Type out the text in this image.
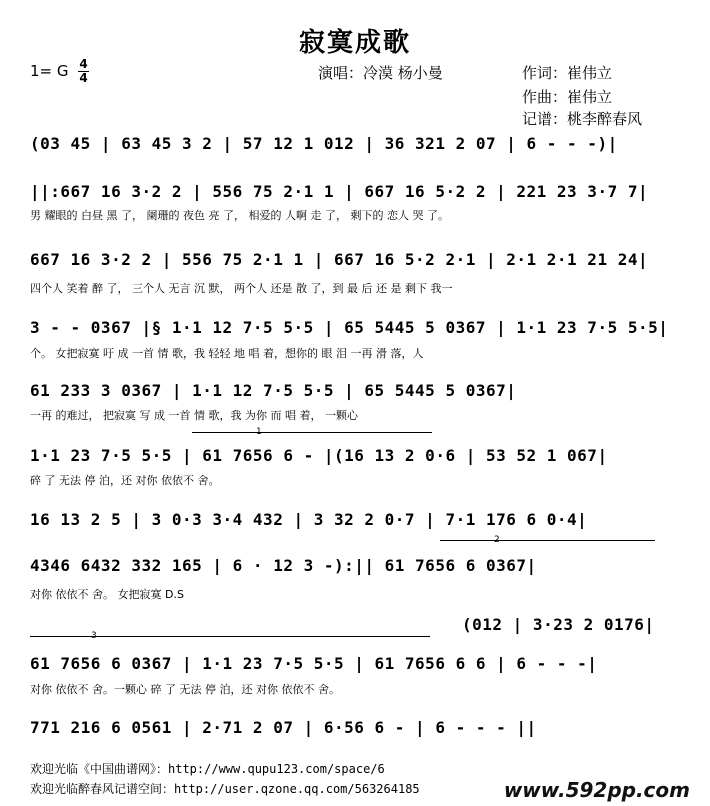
寂寞成歌
1= G 4
4	演唱：冷漠 杨小曼	作词：崔伟立
作曲：崔伟立
记谱：桃李醉春风
(03 45 | 63 45 3 2 | 57 12 1 012 | 36 321 2 07 | 6 - - -)|
||:667 16 3·2 2 | 556 75 2·1 1 | 667 16 5·2 2 | 221 23 3·7 7|
男 耀眼的 白昼 黑 了， 阑珊的 夜色 亮 了， 相爱的 人啊 走 了， 剩下的 恋人 哭 了。
667 16 3·2 2 | 556 75 2·1 1 | 667 16 5·2 2·1 | 2·1 2·1 21 24|
四个人 笑着 醉 了， 三个人 无言 沉 默， 两个人 还是 散 了，到 最 后 还 是 剩下 我一
3 - - 0367 |§ 1·1 12 7·5 5·5 | 65 5445 5 0367 | 1·1 23 7·5 5·5|
个。 女把寂寞 吁 成 一首 情 歌，我 轻轻 地 唱 着，想你的 眼 泪 一再 滑 落，人
61 233 3 0367 | 1·1 12 7·5 5·5 | 65 5445 5 0367|
一再 的难过， 把寂寞 写 成 一首 情 歌，我 为你 而 唱 着， 一颗心
1·1 23 7·5 5·5 | 61 7656 6 - |(16 13 2 0·6 | 53 52 1 067|
碎 了 无法 停 泊，还 对你 依依不 舍。
16 13 2 5 | 3 0·3 3·4 432 | 3 32 2 0·7 | 7·1 176 6 0·4|
4346 6432 332 165 | 6 · 12 3 -):|| 61 7656 6 0367|
对你 依依不 舍。 女把寂寞 D.S
(012 | 3·23 2 0176|
61 7656 6 0367 | 1·1 23 7·5 5·5 | 61 7656 6 6 | 6 - - -|
对你 依依不 舍。一颗心 碎 了 无法 停 泊，还 对你 依依不 舍。
771 216 6 0561 | 2·71 2 07 | 6·56 6 - | 6 - - - ||
欢迎光临《中国曲谱网》：http://www.qupu123.com/space/6
欢迎光临醉春风记谱空间：http://user.qzone.qq.com/563264185	www.592pp.com
